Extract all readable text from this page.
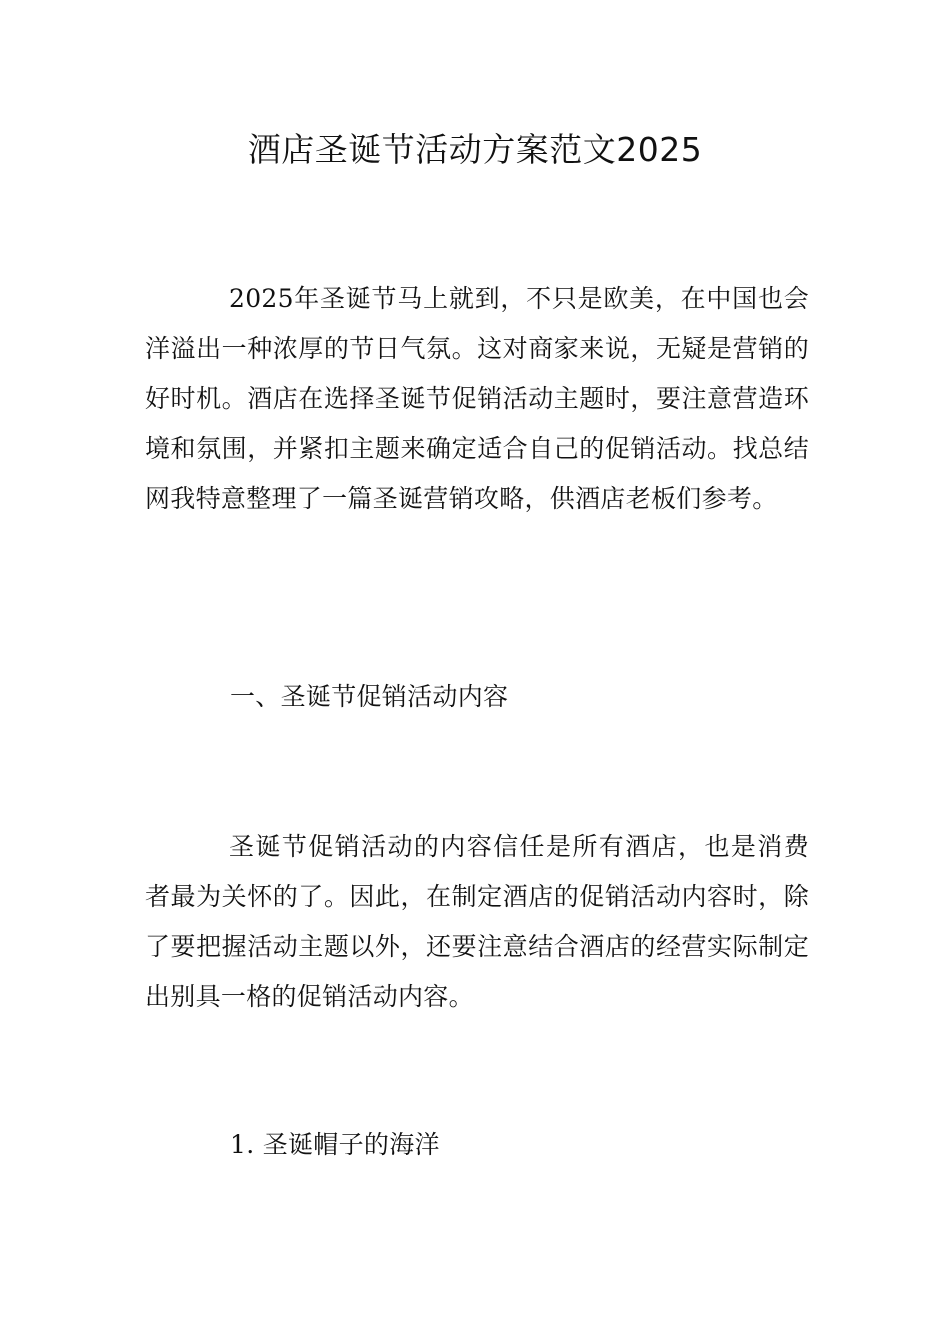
酒店圣诞节活动方案范文2025

2025年圣诞节马上就到，不只是欧美，在中国也会洋溢出一种浓厚的节日气氛。这对商家来说，无疑是营销的好时机。酒店在选择圣诞节促销活动主题时，要注意营造环境和氛围，并紧扣主题来确定适合自己的促销活动。找总结网我特意整理了一篇圣诞营销攻略，供酒店老板们参考。

一、圣诞节促销活动内容

圣诞节促销活动的内容信任是所有酒店，也是消费者最为关怀的了。因此，在制定酒店的促销活动内容时，除了要把握活动主题以外，还要注意结合酒店的经营实际制定出别具一格的促销活动内容。

1. 圣诞帽子的海洋
